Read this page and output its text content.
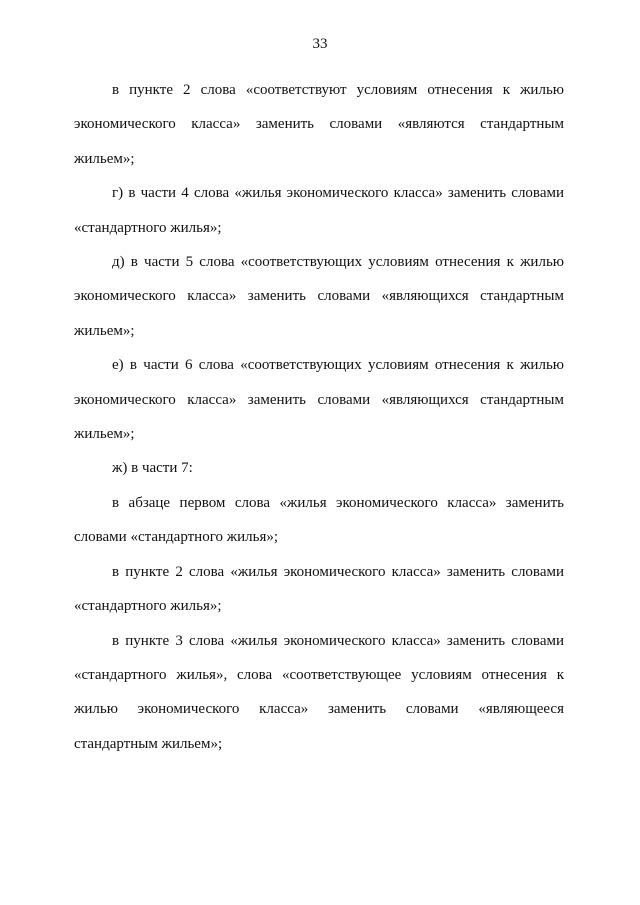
33

в пункте 2 слова «соответствуют условиям отнесения к жилью экономического класса» заменить словами «являются стандартным жильем»;

г) в части 4 слова «жилья экономического класса» заменить словами «стандартного жилья»;

д) в части 5 слова «соответствующих условиям отнесения к жилью экономического класса» заменить словами «являющихся стандартным жильем»;

е) в части 6 слова «соответствующих условиям отнесения к жилью экономического класса» заменить словами «являющихся стандартным жильем»;

ж) в части 7:

в абзаце первом слова «жилья экономического класса» заменить словами «стандартного жилья»;

в пункте 2 слова «жилья экономического класса» заменить словами «стандартного жилья»;

в пункте 3 слова «жилья экономического класса» заменить словами «стандартного жилья», слова «соответствующее условиям отнесения к жилью экономического класса» заменить словами «являющееся стандартным жильем»;
